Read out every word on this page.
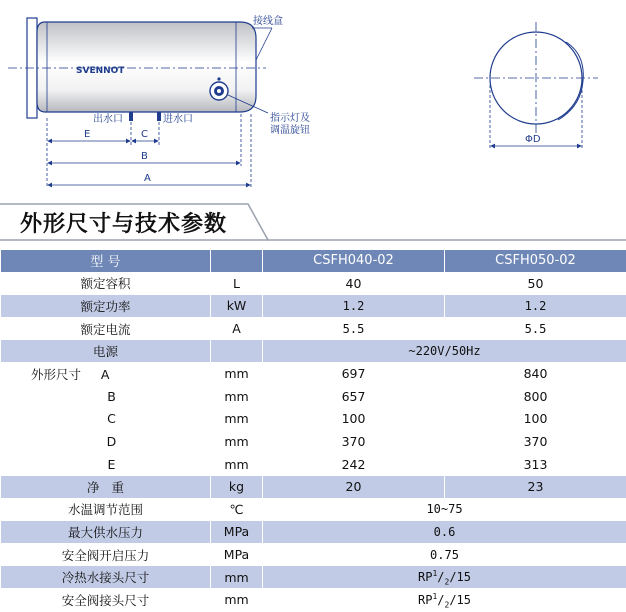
SVENNOT
接线盒
出水口	进水口	指示灯及
调温旋钮
E	C
B
A
ΦD
外形尺寸与技术参数
型 号		CSFH040-02	CSFH050-02
额定容积	L	40	50
额定功率	kW	1.2	1.2
额定电流	A	5.5	5.5
电源		~220V/50Hz	
外形尺寸     A	mm	697	840
B	mm	657	800
C	mm	100	100
D	mm	370	370
E	mm	242	313
净   重	kg	20	23
水温调节范围	℃	10~75	
最大供水压力	MPa	0.6	
安全阀开启压力	MPa	0.75	
冷热水接头尺寸	mm	$RP^1/_2/15$	
安全阀接头尺寸	mm	$RP^1/_2/15$	
